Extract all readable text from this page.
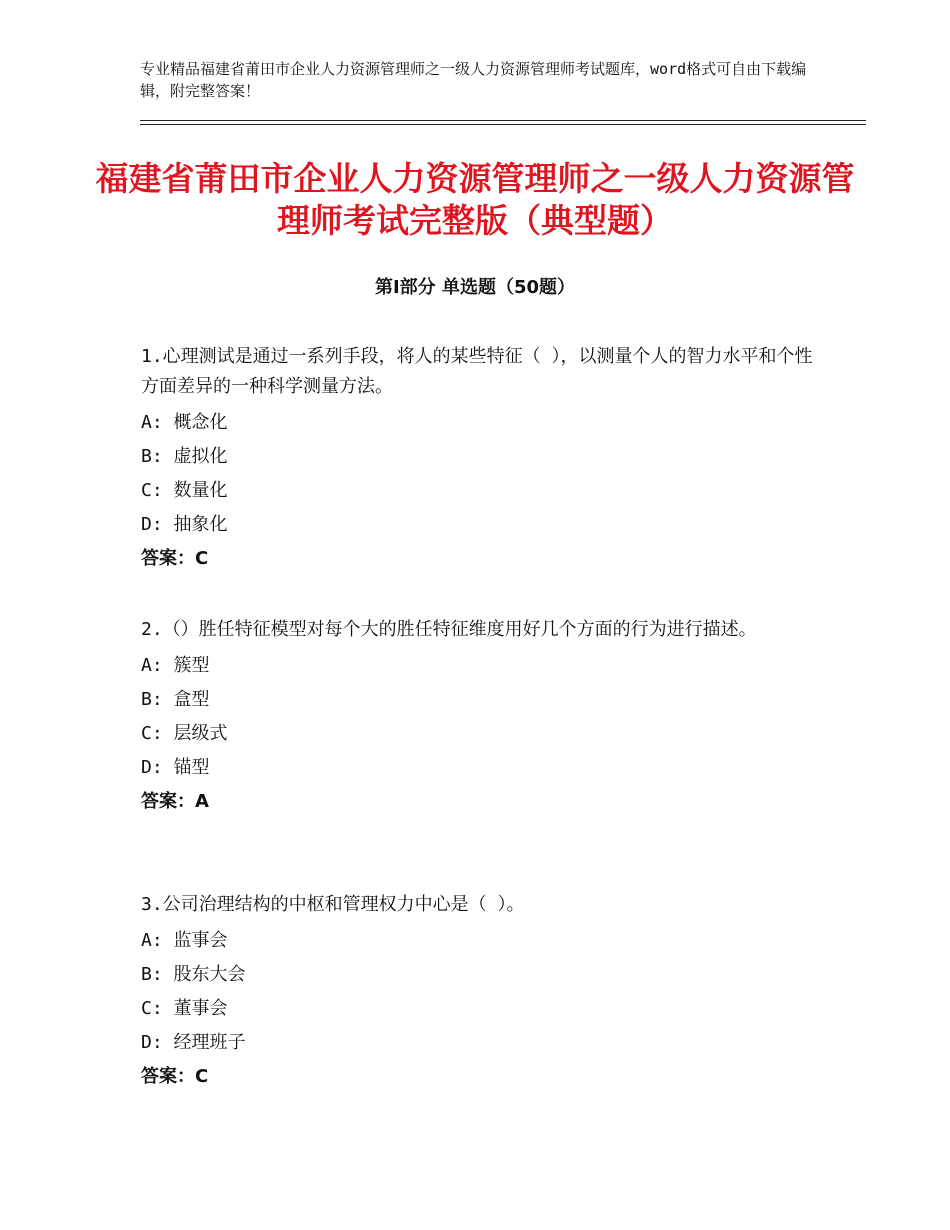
专业精品福建省莆田市企业人力资源管理师之一级人力资源管理师考试题库，word格式可自由下载编辑，附完整答案！
福建省莆田市企业人力资源管理师之一级人力资源管理师考试完整版（典型题）
第Ⅰ部分 单选题（50题）

1.心理测试是通过一系列手段，将人的某些特征（ ），以测量个人的智力水平和个性方面差异的一种科学测量方法。

A: 概念化

B: 虚拟化

C: 数量化

D: 抽象化

答案：C

2.（）胜任特征模型对每个大的胜任特征维度用好几个方面的行为进行描述。

A: 簇型

B: 盒型

C: 层级式

D: 锚型

答案：A

3.公司治理结构的中枢和管理权力中心是（ ）。

A: 监事会

B: 股东大会

C: 董事会

D: 经理班子

答案：C
